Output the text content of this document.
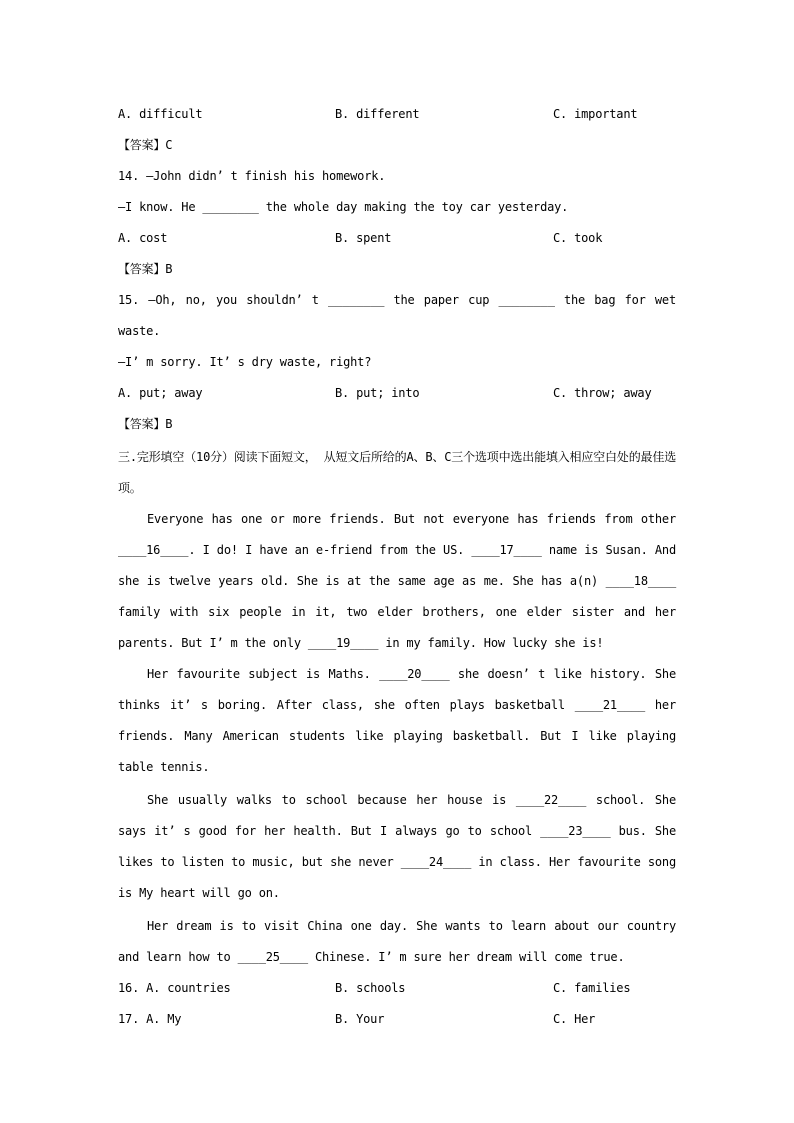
A. difficult	B. different	C. important
【答案】C
14. —John didn’ t finish his homework.
—I know. He ________ the whole day making the toy car yesterday.
A. cost	B. spent	C. took
【答案】B
15. —Oh, no, you shouldn’ t ________ the paper cup ________ the bag for wet waste.
—I’ m sorry. It’ s dry waste, right?
A. put; away	B. put; into	C. throw; away
【答案】B
三.完形填空（10分）阅读下面短文， 从短文后所给的A、B、C三个选项中选出能填入相应空白处的最佳选项。
Everyone has one or more friends. But not everyone has friends from other ____16____. I do! I have an e-friend from the US. ____17____ name is Susan. And she is twelve years old. She is at the same age as me. She has a(n) ____18____ family with six people in it, two elder brothers, one elder sister and her parents. But I’ m the only ____19____ in my family. How lucky she is!
Her favourite subject is Maths. ____20____ she doesn’ t like history. She thinks it’ s boring. After class, she often plays basketball ____21____ her friends. Many American students like playing basketball. But I like playing table tennis.
She usually walks to school because her house is ____22____ school. She says it’ s good for her health. But I always go to school ____23____ bus. She likes to listen to music, but she never ____24____ in class. Her favourite song is My heart will go on.
Her dream is to visit China one day. She wants to learn about our country and learn how to ____25____ Chinese. I’ m sure her dream will come true.
16. A. countries	B. schools	C. families
17. A. My	B. Your	C. Her
